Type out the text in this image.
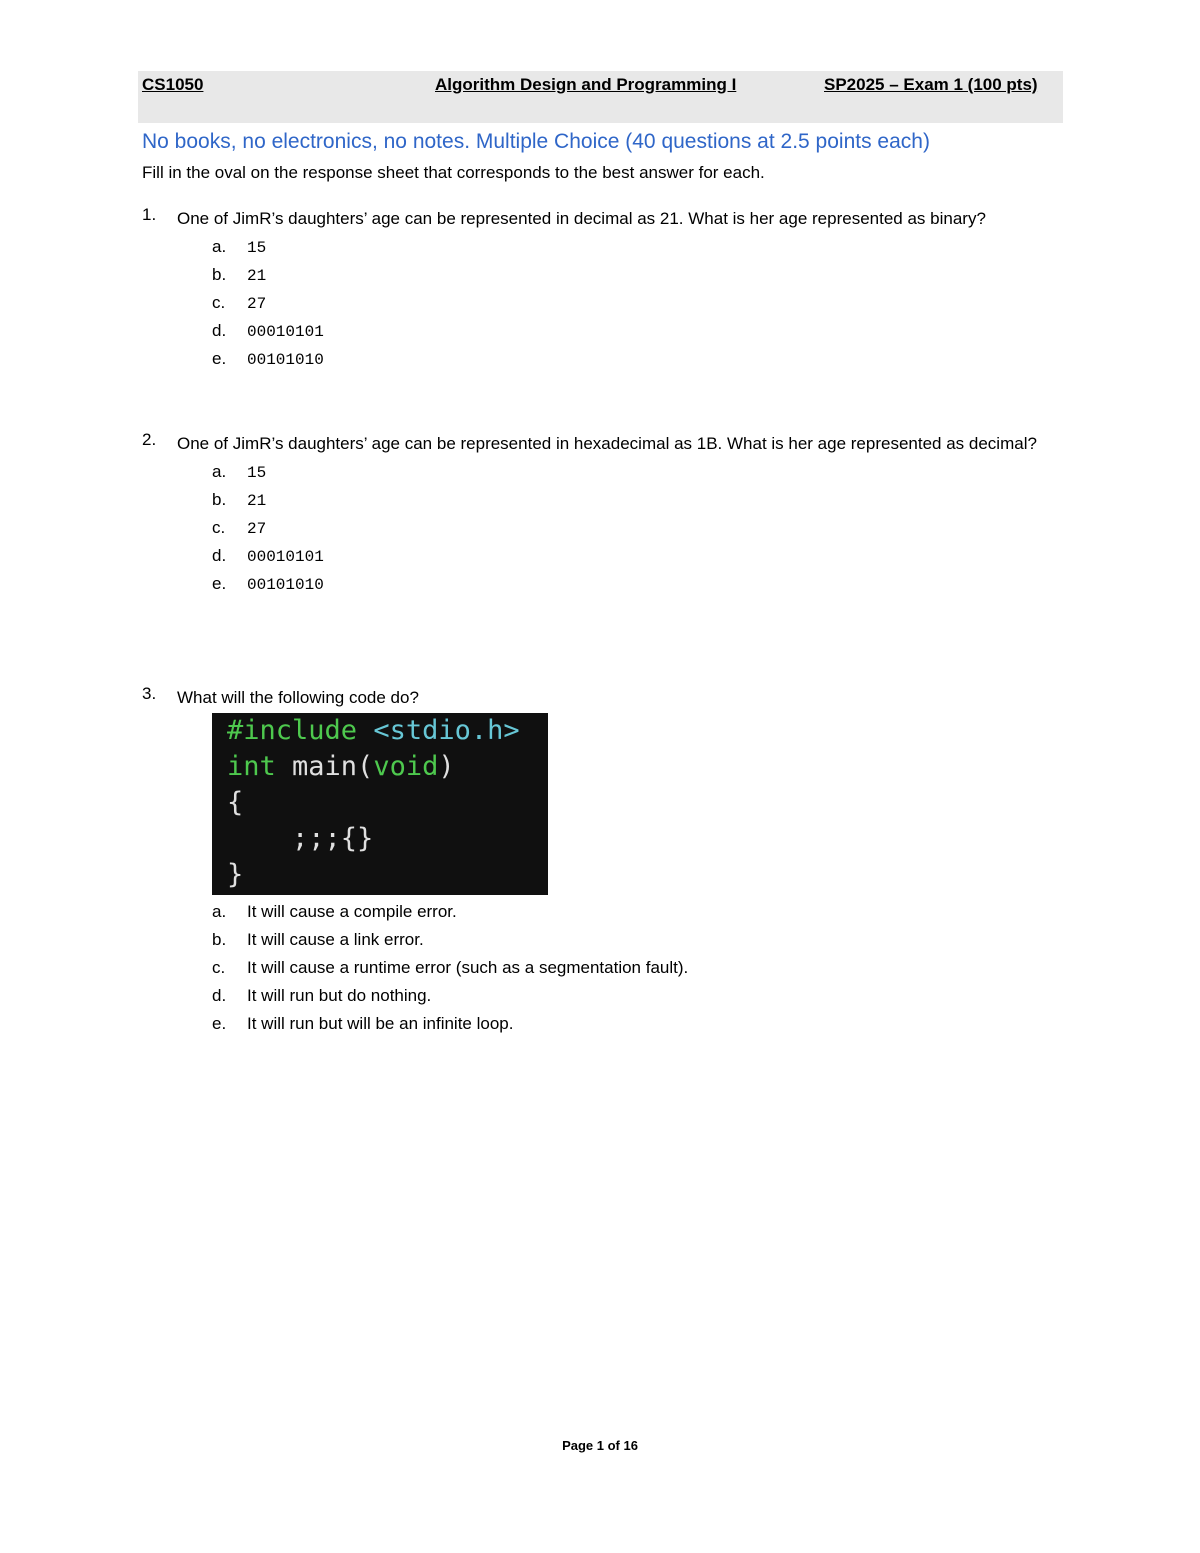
CS1050	Algorithm Design and Programming I	SP2025 – Exam 1 (100 pts)
No books, no electronics, no notes. Multiple Choice (40 questions at 2.5 points each)
Fill in the oval on the response sheet that corresponds to the best answer for each.
1. One of JimR’s daughters’ age can be represented in decimal as 21. What is her age represented as binary?
a. 15
b. 21
c. 27
d. 00010101
e. 00101010
2. One of JimR’s daughters’ age can be represented in hexadecimal as 1B. What is her age represented as decimal?
a. 15
b. 21
c. 27
d. 00010101
e. 00101010
3. What will the following code do?
#include <stdio.h>
int main(void)
{
;;;{}
}
a. It will cause a compile error.
b. It will cause a link error.
c. It will cause a runtime error (such as a segmentation fault).
d. It will run but do nothing.
e. It will run but will be an infinite loop.
Page 1 of 16
